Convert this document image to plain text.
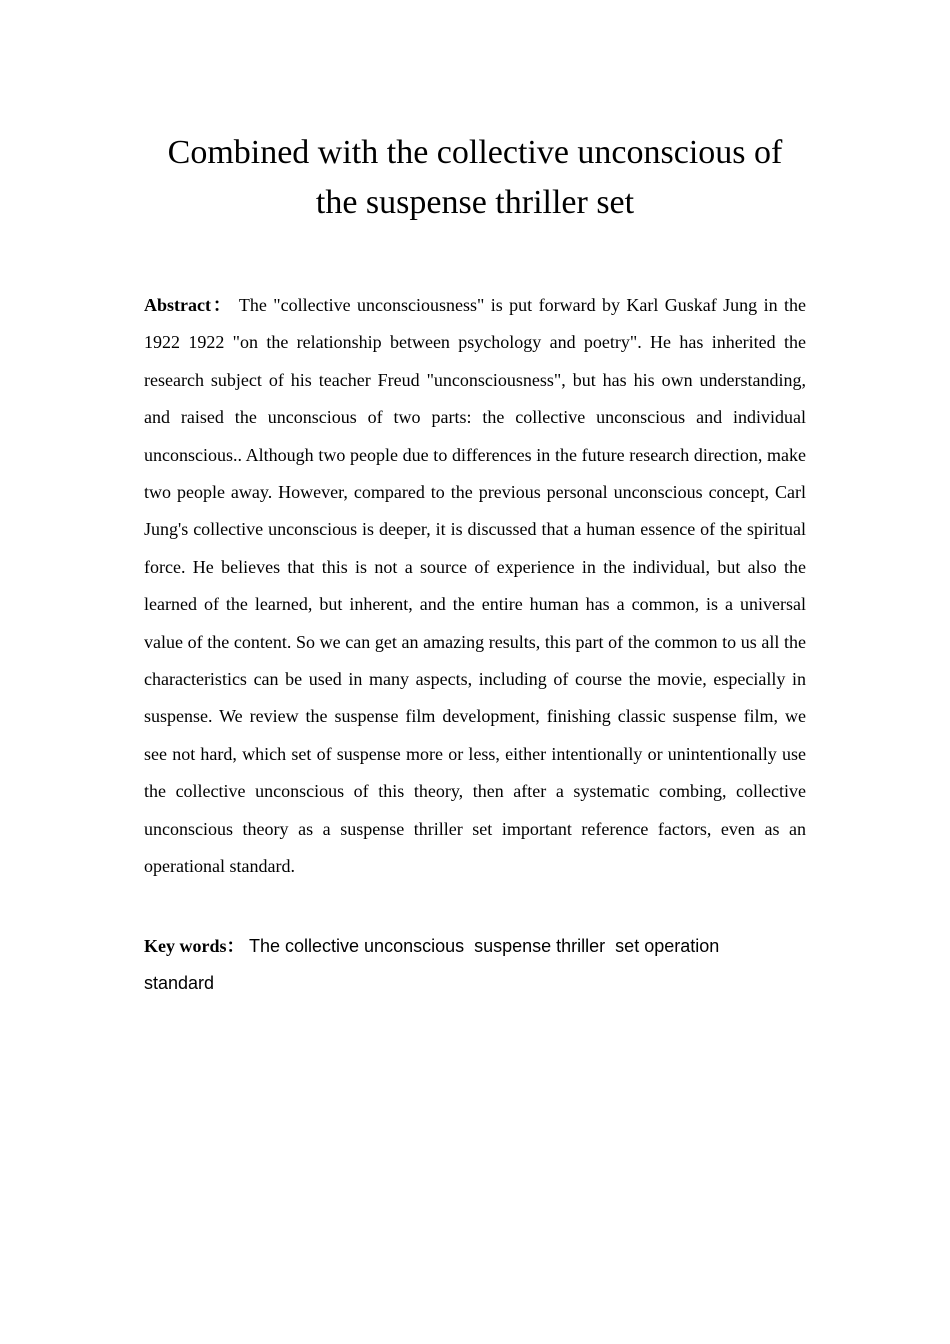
Combined with the collective unconscious of the suspense thriller set

Abstract： The "collective unconsciousness" is put forward by Karl Guskaf Jung in the 1922 1922 "on the relationship between psychology and poetry". He has inherited the research subject of his teacher Freud "unconsciousness", but has his own understanding, and raised the unconscious of two parts: the collective unconscious and individual unconscious.. Although two people due to differences in the future research direction, make two people away. However, compared to the previous personal unconscious concept, Carl Jung's collective unconscious is deeper, it is discussed that a human essence of the spiritual force. He believes that this is not a source of experience in the individual, but also the learned of the learned, but inherent, and the entire human has a common, is a universal value of the content. So we can get an amazing results, this part of the common to us all the characteristics can be used in many aspects, including of course the movie, especially in suspense. We review the suspense film development, finishing classic suspense film, we see not hard, which set of suspense more or less, either intentionally or unintentionally use the collective unconscious of this theory, then after a systematic combing, collective unconscious theory as a suspense thriller set important reference factors, even as an operational standard.

Key words： The collective unconscious  suspense thriller  set operation standard
